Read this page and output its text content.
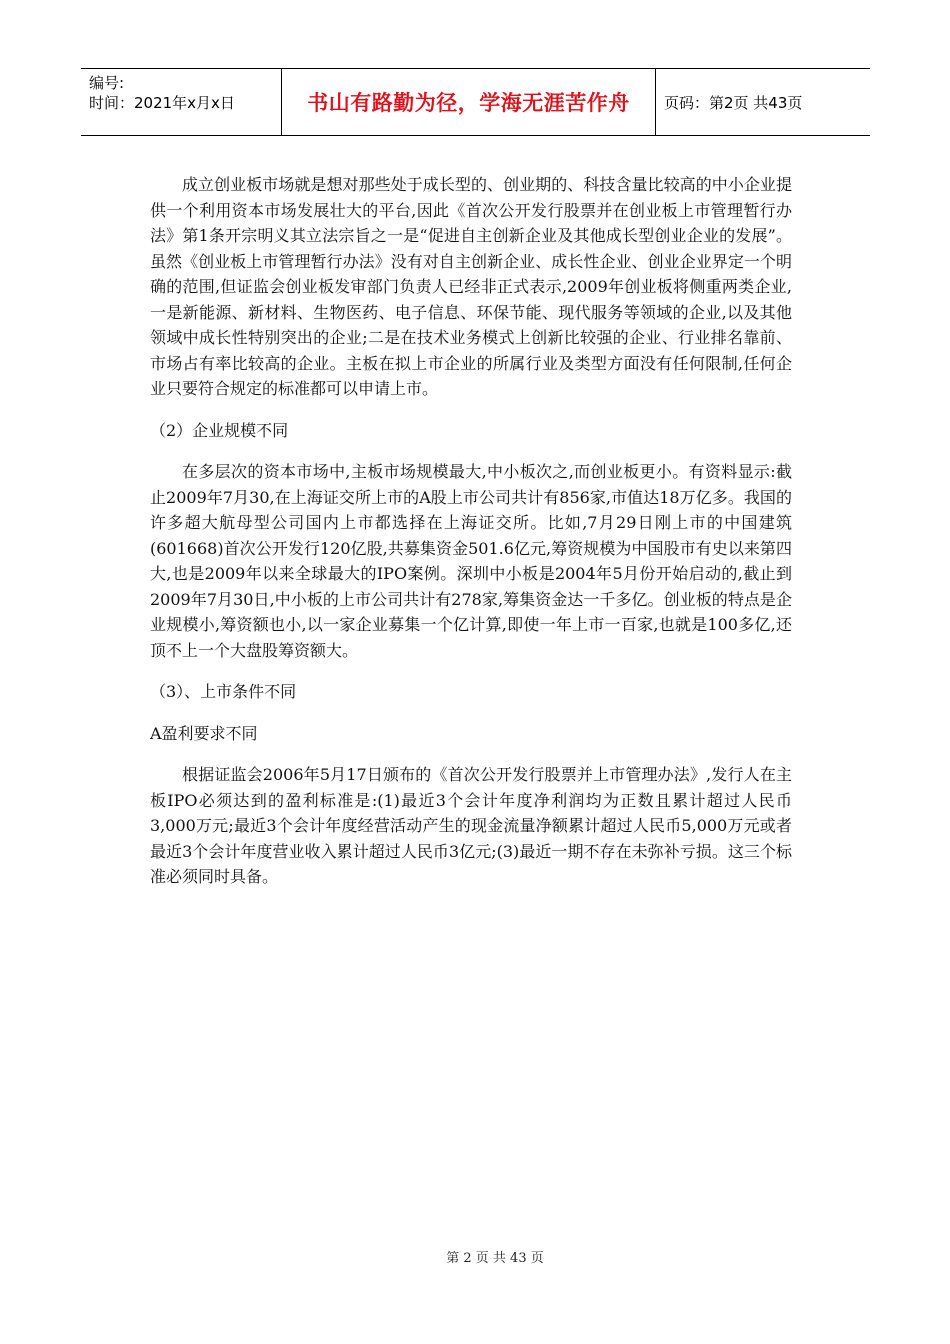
编号:
时间：2021年x月x日	书山有路勤为径，学海无涯苦作舟	页码：第2页 共43页

成立创业板市场就是想对那些处于成长型的、创业期的、科技含量比较高的中小企业提供一个利用资本市场发展壮大的平台,因此《首次公开发行股票并在创业板上市管理暂行办法》第1条开宗明义其立法宗旨之一是“促进自主创新企业及其他成长型创业企业的发展”。虽然《创业板上市管理暂行办法》没有对自主创新企业、成长性企业、创业企业界定一个明确的范围,但证监会创业板发审部门负责人已经非正式表示,2009年创业板将侧重两类企业,一是新能源、新材料、生物医药、电子信息、环保节能、现代服务等领域的企业,以及其他领域中成长性特别突出的企业;二是在技术业务模式上创新比较强的企业、行业排名靠前、市场占有率比较高的企业。主板在拟上市企业的所属行业及类型方面没有任何限制,任何企业只要符合规定的标准都可以申请上市。

（2）企业规模不同

在多层次的资本市场中,主板市场规模最大,中小板次之,而创业板更小。有资料显示:截止2009年7月30,在上海证交所上市的A股上市公司共计有856家,市值达18万亿多。我国的许多超大航母型公司国内上市都选择在上海证交所。比如,7月29日刚上市的中国建筑(601668)首次公开发行120亿股,共募集资金501.6亿元,筹资规模为中国股市有史以来第四大,也是2009年以来全球最大的IPO案例。深圳中小板是2004年5月份开始启动的,截止到2009年7月30日,中小板的上市公司共计有278家,筹集资金达一千多亿。创业板的特点是企业规模小,筹资额也小,以一家企业募集一个亿计算,即使一年上市一百家,也就是100多亿,还顶不上一个大盘股筹资额大。

（3）、上市条件不同

A盈利要求不同

根据证监会2006年5月17日颁布的《首次公开发行股票并上市管理办法》,发行人在主板IPO必须达到的盈利标准是:(1)最近3个会计年度净利润均为正数且累计超过人民币3,000万元;最近3个会计年度经营活动产生的现金流量净额累计超过人民币5,000万元或者最近3个会计年度营业收入累计超过人民币3亿元;(3)最近一期不存在未弥补亏损。这三个标准必须同时具备。

第 2 页 共 43 页
